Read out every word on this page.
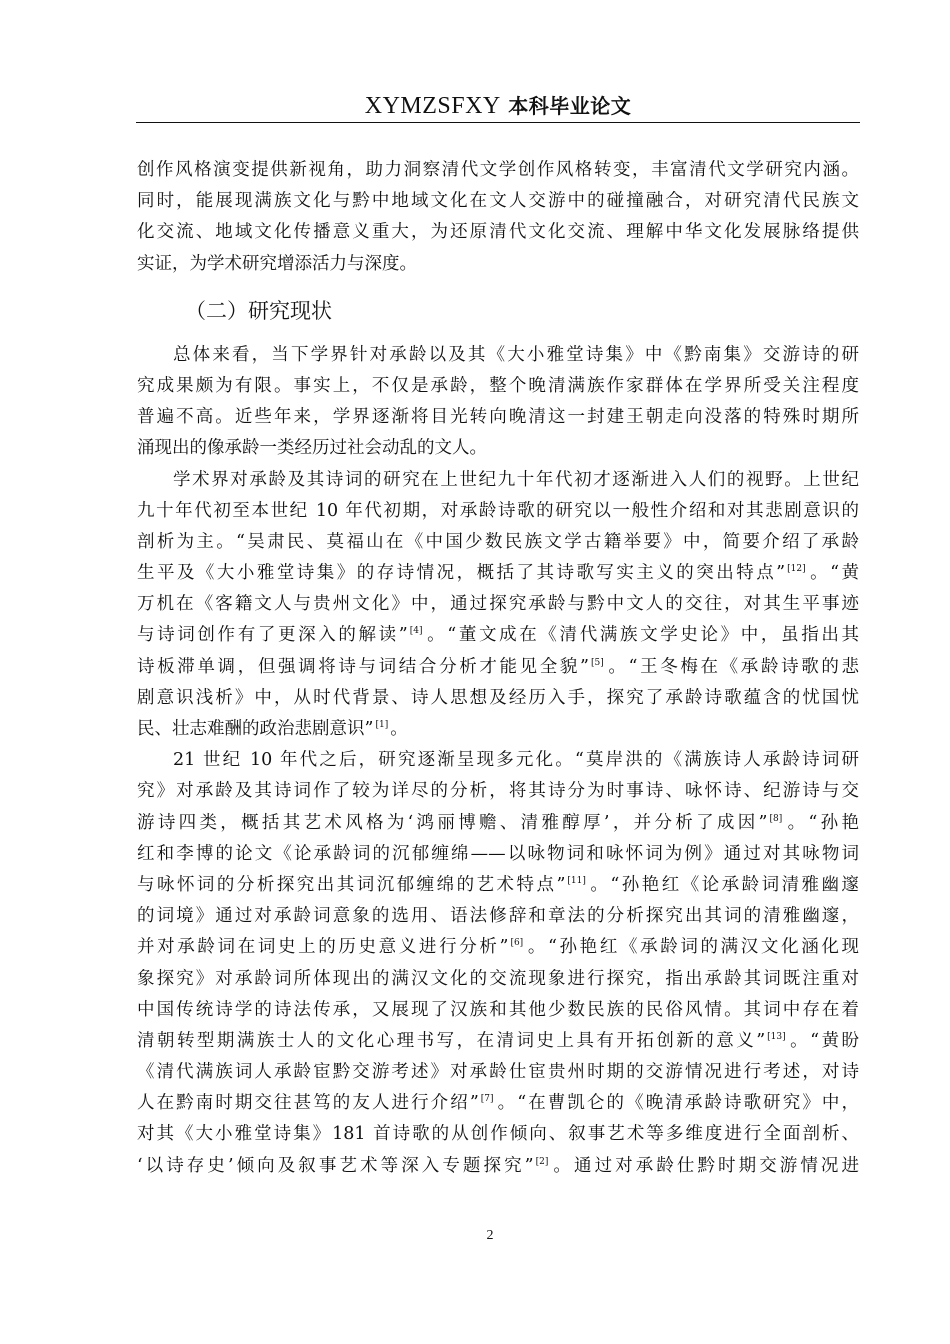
XYMZSFXY 本科毕业论文
创作风格演变提供新视角，助力洞察清代文学创作风格转变，丰富清代文学研究内涵。
同时，能展现满族文化与黔中地域文化在文人交游中的碰撞融合，对研究清代民族文
化交流、地域文化传播意义重大，为还原清代文化交流、理解中华文化发展脉络提供
实证，为学术研究增添活力与深度。
（二）研究现状
总体来看，当下学界针对承龄以及其《大小雅堂诗集》中《黔南集》交游诗的研
究成果颇为有限。事实上，不仅是承龄，整个晚清满族作家群体在学界所受关注程度
普遍不高。近些年来，学界逐渐将目光转向晚清这一封建王朝走向没落的特殊时期所
涌现出的像承龄一类经历过社会动乱的文人。
学术界对承龄及其诗词的研究在上世纪九十年代初才逐渐进入人们的视野。上世纪
九十年代初至本世纪 10 年代初期，对承龄诗歌的研究以一般性介绍和对其悲剧意识的
剖析为主。“吴肃民、莫福山在《中国少数民族文学古籍举要》中，简要介绍了承龄
生平及《大小雅堂诗集》的存诗情况，概括了其诗歌写实主义的突出特点” [12] 。“黄
万机在《客籍文人与贵州文化》中，通过探究承龄与黔中文人的交往，对其生平事迹
与诗词创作有了更深入的解读” [4] 。“董文成在《清代满族文学史论》中，虽指出其
诗板滞单调，但强调将诗与词结合分析才能见全貌” [5] 。“王冬梅在《承龄诗歌的悲
剧意识浅析》中，从时代背景、诗人思想及经历入手，探究了承龄诗歌蕴含的忧国忧
民、壮志难酬的政治悲剧意识” [1] 。
21 世纪 10 年代之后，研究逐渐呈现多元化。“莫岸洪的《满族诗人承龄诗词研
究》对承龄及其诗词作了较为详尽的分析，将其诗分为时事诗、咏怀诗、纪游诗与交
游诗四类，概括其艺术风格为‘鸿丽博赡、清雅醇厚’，并分析了成因” [8] 。“孙艳
红和李博的论文《论承龄词的沉郁缠绵——以咏物词和咏怀词为例》通过对其咏物词
与咏怀词的分析探究出其词沉郁缠绵的艺术特点” [11] 。“孙艳红《论承龄词清雅幽邃
的词境》通过对承龄词意象的选用、语法修辞和章法的分析探究出其词的清雅幽邃，
并对承龄词在词史上的历史意义进行分析” [6] 。“孙艳红《承龄词的满汉文化涵化现
象探究》对承龄词所体现出的满汉文化的交流现象进行探究，指出承龄其词既注重对
中国传统诗学的诗法传承，又展现了汉族和其他少数民族的民俗风情。其词中存在着
清朝转型期满族士人的文化心理书写，在清词史上具有开拓创新的意义” [13] 。“黄盼
《清代满族词人承龄宦黔交游考述》对承龄仕宦贵州时期的交游情况进行考述，对诗
人在黔南时期交往甚笃的友人进行介绍” [7] 。“在曹凯仑的《晚清承龄诗歌研究》中，
对其《大小雅堂诗集》181 首诗歌的从创作倾向、叙事艺术等多维度进行全面剖析、
‘以诗存史’倾向及叙事艺术等深入专题探究” [2] 。通过对承龄仕黔时期交游情况进
2
